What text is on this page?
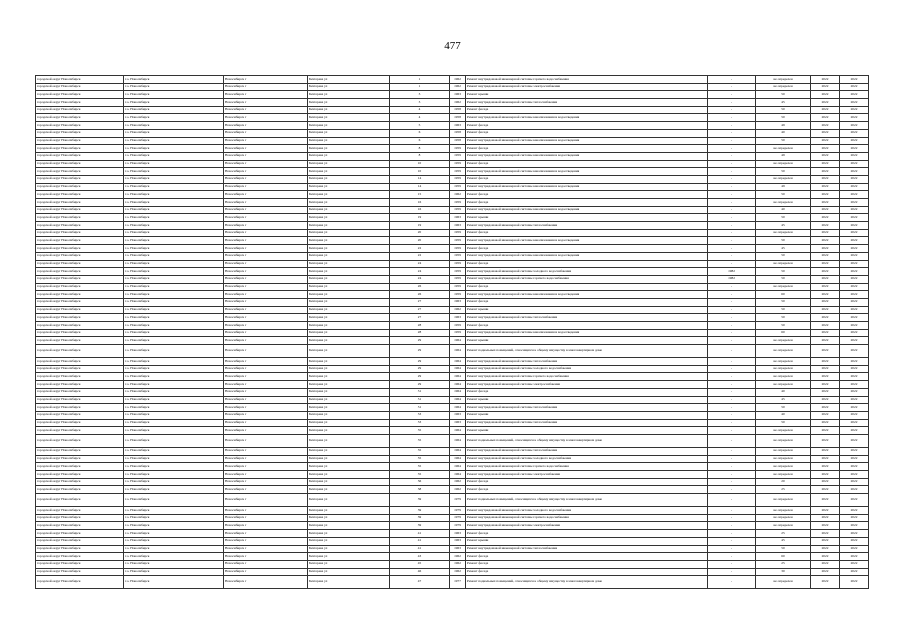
477
городской округ Новосибирск	г.о. Новосибирск	Новосибирск г	Бехтерева ул	1	1962	Ремонт внутридомовой инженерной системы горячего водоснабжения	-	не определен	2022	2022
городской округ Новосибирск	г.о. Новосибирск	Новосибирск г	Бехтерева ул	1	1962	Ремонт внутридомовой инженерной системы электроснабжения	-	не определен	2022	2022
городской округ Новосибирск	г.о. Новосибирск	Новосибирск г	Бехтерева ул	3	1963	Ремонт крыши	-	50	2022	2022
городской округ Новосибирск	г.о. Новосибирск	Новосибирск г	Бехтерева ул	3	1962	Ремонт внутридомовой инженерной системы теплоснабжения	-	45	2022	2022
городской округ Новосибирск	г.о. Новосибирск	Новосибирск г	Бехтерева ул	4	1958	Ремонт фасада	-	50	2022	2022
городской округ Новосибирск	г.о. Новосибирск	Новосибирск г	Бехтерева ул	4	1958	Ремонт внутридомовой инженерной системы канализования и водоотведения	-	50	2022	2022
городской округ Новосибирск	г.о. Новосибирск	Новосибирск г	Бехтерева ул	5	1963	Ремонт фасада	-	49	2022	2022
городской округ Новосибирск	г.о. Новосибирск	Новосибирск г	Бехтерева ул	6	1958	Ремонт фасада	-	40	2022	2022
городской округ Новосибирск	г.о. Новосибирск	Новосибирск г	Бехтерева ул	6	1958	Ремонт внутридомовой инженерной системы канализования и водоотведения	-	50	2022	2022
городской округ Новосибирск	г.о. Новосибирск	Новосибирск г	Бехтерева ул	8	1959	Ремонт фасада	-	не определен	2022	2022
городской округ Новосибирск	г.о. Новосибирск	Новосибирск г	Бехтерева ул	8	1959	Ремонт внутридомовой инженерной системы канализования и водоотведения	-	49	2022	2022
городской округ Новосибирск	г.о. Новосибирск	Новосибирск г	Бехтерева ул	10	1959	Ремонт фасада	-	не определен	2022	2022
городской округ Новосибирск	г.о. Новосибирск	Новосибирск г	Бехтерева ул	10	1959	Ремонт внутридомовой инженерной системы канализования и водоотведения	-	50	2022	2022
городской округ Новосибирск	г.о. Новосибирск	Новосибирск г	Бехтерева ул	14	1959	Ремонт фасада	-	не определен	2022	2022
городской округ Новосибирск	г.о. Новосибирск	Новосибирск г	Бехтерева ул	14	1959	Ремонт внутридомовой инженерной системы канализования и водоотведения	-	49	2022	2022
городской округ Новосибирск	г.о. Новосибирск	Новосибирск г	Бехтерева ул	15	1962	Ремонт фасада	-	50	2022	2022
городской округ Новосибирск	г.о. Новосибирск	Новосибирск г	Бехтерева ул	16	1959	Ремонт фасада	-	не определен	2022	2022
городской округ Новосибирск	г.о. Новосибирск	Новосибирск г	Бехтерева ул	16	1959	Ремонт внутридомовой инженерной системы канализования и водоотведения	-	40	2022	2022
городской округ Новосибирск	г.о. Новосибирск	Новосибирск г	Бехтерева ул	19	1963	Ремонт крыши	-	50	2022	2022
городской округ Новосибирск	г.о. Новосибирск	Новосибирск г	Бехтерева ул	19	1963	Ремонт внутридомовой инженерной системы теплоснабжения	-	45	2022	2022
городской округ Новосибирск	г.о. Новосибирск	Новосибирск г	Бехтерева ул	20	1959	Ремонт фасада	-	не определен	2022	2022
городской округ Новосибирск	г.о. Новосибирск	Новосибирск г	Бехтерева ул	20	1959	Ремонт внутридомовой инженерной системы канализования и водоотведения	-	50	2022	2022
городской округ Новосибирск	г.о. Новосибирск	Новосибирск г	Бехтерева ул	22	1959	Ремонт фасада	-	45	2022	2022
городской округ Новосибирск	г.о. Новосибирск	Новосибирск г	Бехтерева ул	22	1959	Ремонт внутридомовой инженерной системы канализования и водоотведения	-	50	2022	2022
городской округ Новосибирск	г.о. Новосибирск	Новосибирск г	Бехтерева ул	24	1959	Ремонт фасада	-	не определен	2022	2022
городской округ Новосибирск	г.о. Новосибирск	Новосибирск г	Бехтерева ул	24	1959	Ремонт внутридомовой инженерной системы холодного водоснабжения	1982	50	2022	2022
городской округ Новосибирск	г.о. Новосибирск	Новосибирск г	Бехтерева ул	24	1959	Ремонт внутридомовой инженерной системы горячего водоснабжения	1982	50	2022	2022
городской округ Новосибирск	г.о. Новосибирск	Новосибирск г	Бехтерева ул	26	1959	Ремонт фасада	-	не определен	2022	2022
городской округ Новосибирск	г.о. Новосибирск	Новосибирск г	Бехтерева ул	26	1959	Ремонт внутридомовой инженерной системы канализования и водоотведения	-	60	2022	2022
городской округ Новосибирск	г.о. Новосибирск	Новосибирск г	Бехтерева ул	27	1963	Ремонт фасада	-	50	2022	2022
городской округ Новосибирск	г.о. Новосибирск	Новосибирск г	Бехтерева ул	27	1962	Ремонт крыши	-	50	2022	2022
городской округ Новосибирск	г.о. Новосибирск	Новосибирск г	Бехтерева ул	27	1963	Ремонт внутридомовой инженерной системы теплоснабжения	-	50	2022	2022
городской округ Новосибирск	г.о. Новосибирск	Новосибирск г	Бехтерева ул	28	1959	Ремонт фасада	-	50	2022	2022
городской округ Новосибирск	г.о. Новосибирск	Новосибирск г	Бехтерева ул	28	1959	Ремонт внутридомовой инженерной системы канализования и водоотведения	-	60	2022	2022
городской округ Новосибирск	г.о. Новосибирск	Новосибирск г	Бехтерева ул	29	1964	Ремонт крыши	-	не определен	2022	2022
городской округ Новосибирск	г.о. Новосибирск	Новосибирск г	Бехтерева ул	29	1964	Ремонт подвальных помещений, относящихся к общему имуществу в многоквартирном доме	-	не определен	2022	2022
городской округ Новосибирск	г.о. Новосибирск	Новосибирск г	Бехтерева ул	29	1964	Ремонт внутридомовой инженерной системы теплоснабжения	-	не определен	2022	2022
городской округ Новосибирск	г.о. Новосибирск	Новосибирск г	Бехтерева ул	29	1964	Ремонт внутридомовой инженерной системы холодного водоснабжения	-	не определен	2022	2022
городской округ Новосибирск	г.о. Новосибирск	Новосибирск г	Бехтерева ул	29	1964	Ремонт внутридомовой инженерной системы горячего водоснабжения	-	не определен	2022	2022
городской округ Новосибирск	г.о. Новосибирск	Новосибирск г	Бехтерева ул	29	1964	Ремонт внутридомовой инженерной системы электроснабжения	-	не определен	2022	2022
городской округ Новосибирск	г.о. Новосибирск	Новосибирск г	Бехтерева ул	31	1964	Ремонт фасада	-	40	2022	2022
городской округ Новосибирск	г.о. Новосибирск	Новосибирск г	Бехтерева ул	31	1964	Ремонт крыши	-	45	2022	2022
городской округ Новосибирск	г.о. Новосибирск	Новосибирск г	Бехтерева ул	31	1964	Ремонт внутридомовой инженерной системы теплоснабжения	-	50	2022	2022
городской округ Новосибирск	г.о. Новосибирск	Новосибирск г	Бехтерева ул	33	1963	Ремонт крыши	-	40	2022	2022
городской округ Новосибирск	г.о. Новосибирск	Новосибирск г	Бехтерева ул	33	1963	Ремонт внутридомовой инженерной системы теплоснабжения	-	50	2022	2022
городской округ Новосибирск	г.о. Новосибирск	Новосибирск г	Бехтерева ул	35	1964	Ремонт крыши	-	не определен	2022	2022
городской округ Новосибирск	г.о. Новосибирск	Новосибирск г	Бехтерева ул	35	1964	Ремонт подвальных помещений, относящихся к общему имуществу в многоквартирном доме	-	не определен	2022	2022
городской округ Новосибирск	г.о. Новосибирск	Новосибирск г	Бехтерева ул	35	1964	Ремонт внутридомовой инженерной системы теплоснабжения	-	не определен	2022	2022
городской округ Новосибирск	г.о. Новосибирск	Новосибирск г	Бехтерева ул	35	1964	Ремонт внутридомовой инженерной системы холодного водоснабжения	-	не определен	2022	2022
городской округ Новосибирск	г.о. Новосибирск	Новосибирск г	Бехтерева ул	35	1964	Ремонт внутридомовой инженерной системы горячего водоснабжения	-	не определен	2022	2022
городской округ Новосибирск	г.о. Новосибирск	Новосибирск г	Бехтерева ул	35	1964	Ремонт внутридомовой инженерной системы электроснабжения	-	не определен	2022	2022
городской округ Новосибирск	г.о. Новосибирск	Новосибирск г	Бехтерева ул	36	1962	Ремонт фасада	-	20	2022	2022
городской округ Новосибирск	г.о. Новосибирск	Новосибирск г	Бехтерева ул	38	1962	Ремонт фасада	-	25	2022	2022
городской округ Новосибирск	г.о. Новосибирск	Новосибирск г	Бехтерева ул	39	1979	Ремонт подвальных помещений, относящихся к общему имуществу в многоквартирном доме	-	не определен	2022	2022
городской округ Новосибирск	г.о. Новосибирск	Новосибирск г	Бехтерева ул	39	1979	Ремонт внутридомовой инженерной системы холодного водоснабжения	-	не определен	2022	2022
городской округ Новосибирск	г.о. Новосибирск	Новосибирск г	Бехтерева ул	39	1979	Ремонт внутридомовой инженерной системы горячего водоснабжения	-	не определен	2022	2022
городской округ Новосибирск	г.о. Новосибирск	Новосибирск г	Бехтерева ул	39	1979	Ремонт внутридомовой инженерной системы электроснабжения	-	не определен	2022	2022
городской округ Новосибирск	г.о. Новосибирск	Новосибирск г	Бехтерева ул	41	1963	Ремонт фасада	-	25	2022	2022
городской округ Новосибирск	г.о. Новосибирск	Новосибирск г	Бехтерева ул	41	1963	Ремонт крыши	-	45	2022	2022
городской округ Новосибирск	г.о. Новосибирск	Новосибирск г	Бехтерева ул	41	1963	Ремонт внутридомовой инженерной системы теплоснабжения	-	50	2022	2022
городской округ Новосибирск	г.о. Новосибирск	Новосибирск г	Бехтерева ул	43	1962	Ремонт фасада	-	60	2022	2022
городской округ Новосибирск	г.о. Новосибирск	Новосибирск г	Бехтерева ул	45	1962	Ремонт фасада	-	25	2022	2022
городской округ Новосибирск	г.о. Новосибирск	Новосибирск г	Бехтерева ул	46	1962	Ремонт фасада	-	30	2022	2022
городской округ Новосибирск	г.о. Новосибирск	Новосибирск г	Бехтерева ул	47	1977	Ремонт подвальных помещений, относящихся к общему имуществу в многоквартирном доме	-	не определен	2022	2022
